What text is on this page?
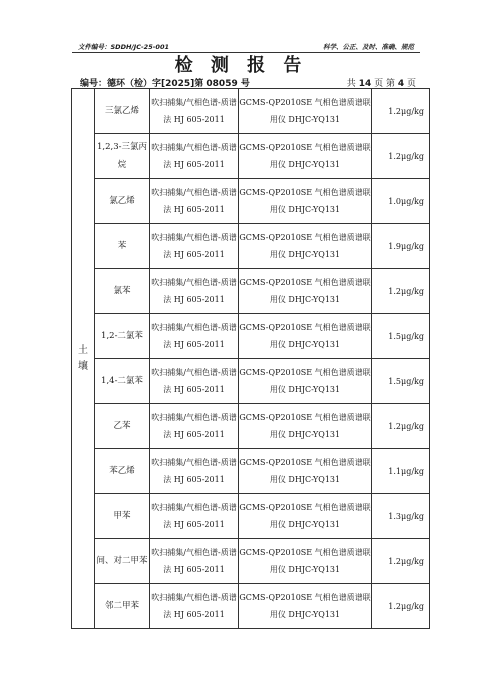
文件编号：SDDH/JC-25-001	科学、公正、及时、准确、规范
检 测 报 告
编号：德环（检）字[2025]第 08059 号	共 14 页 第 4 页
土
壤	三氯乙烯	吹扫捕集/气相色谱-质谱法 HJ 605-2011	GCMS-QP2010SE 气相色谱质谱联用仪 DHJC-YQ131	1.2μg/kg
	1,2,3-三氯丙烷	吹扫捕集/气相色谱-质谱法 HJ 605-2011	GCMS-QP2010SE 气相色谱质谱联用仪 DHJC-YQ131	1.2μg/kg
	氯乙烯	吹扫捕集/气相色谱-质谱法 HJ 605-2011	GCMS-QP2010SE 气相色谱质谱联用仪 DHJC-YQ131	1.0μg/kg
	苯	吹扫捕集/气相色谱-质谱法 HJ 605-2011	GCMS-QP2010SE 气相色谱质谱联用仪 DHJC-YQ131	1.9μg/kg
	氯苯	吹扫捕集/气相色谱-质谱法 HJ 605-2011	GCMS-QP2010SE 气相色谱质谱联用仪 DHJC-YQ131	1.2μg/kg
	1,2-二氯苯	吹扫捕集/气相色谱-质谱法 HJ 605-2011	GCMS-QP2010SE 气相色谱质谱联用仪 DHJC-YQ131	1.5μg/kg
	1,4-二氯苯	吹扫捕集/气相色谱-质谱法 HJ 605-2011	GCMS-QP2010SE 气相色谱质谱联用仪 DHJC-YQ131	1.5μg/kg
	乙苯	吹扫捕集/气相色谱-质谱法 HJ 605-2011	GCMS-QP2010SE 气相色谱质谱联用仪 DHJC-YQ131	1.2μg/kg
	苯乙烯	吹扫捕集/气相色谱-质谱法 HJ 605-2011	GCMS-QP2010SE 气相色谱质谱联用仪 DHJC-YQ131	1.1μg/kg
	甲苯	吹扫捕集/气相色谱-质谱法 HJ 605-2011	GCMS-QP2010SE 气相色谱质谱联用仪 DHJC-YQ131	1.3μg/kg
	间、对二甲苯	吹扫捕集/气相色谱-质谱法 HJ 605-2011	GCMS-QP2010SE 气相色谱质谱联用仪 DHJC-YQ131	1.2μg/kg
	邻二甲苯	吹扫捕集/气相色谱-质谱法 HJ 605-2011	GCMS-QP2010SE 气相色谱质谱联用仪 DHJC-YQ131	1.2μg/kg
